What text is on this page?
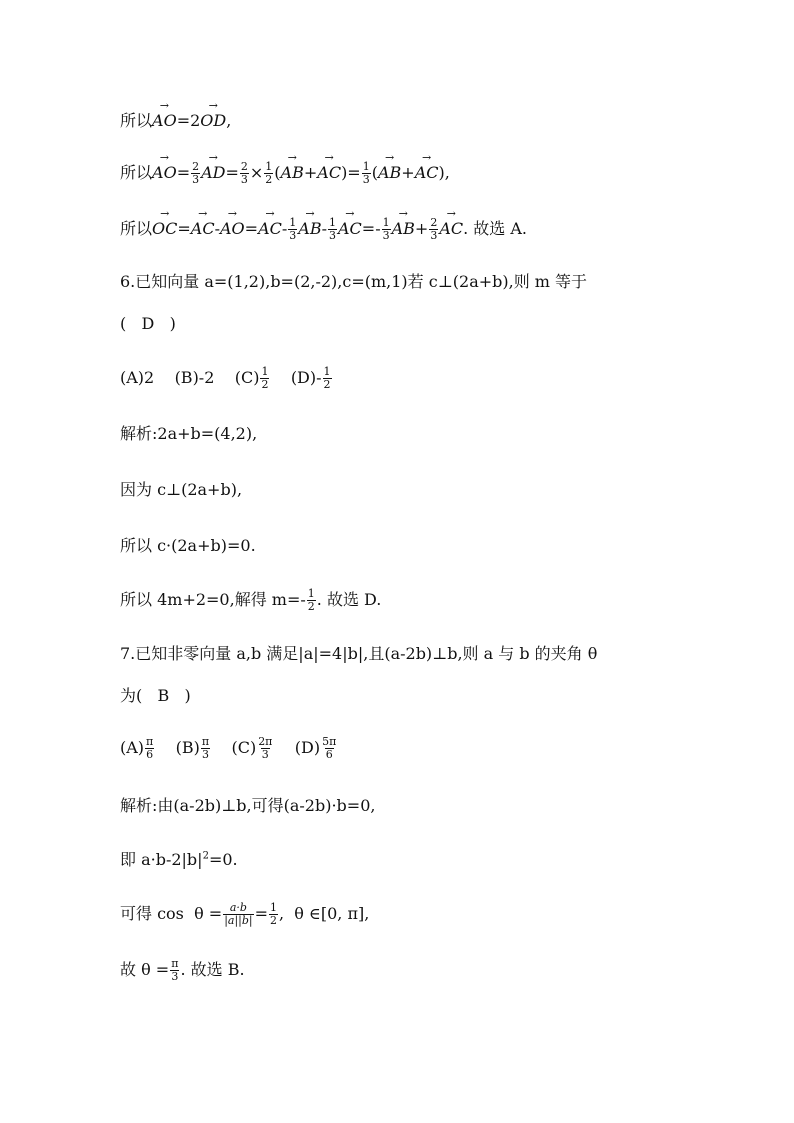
所以→ AO=2→ OD,
所以→ $AO= \frac{2}{3}$
→ $AD= \frac{2}{3} \times \frac{1}{2}$ (→ $AB+\to AC)= \frac{1}{3}$ (→ AB+→ AC),
所以→ $OC=\to AC-\to AO=\to AC- \frac{1}{3}$
→ $AB- \frac{1}{3}$
→ $AC=- \frac{1}{3}$
→ $AB+ \frac{2}{3}$
→ AC. 故选 A.
6.已知向量 a=(1,2),b=(2,-2),c=(m,1)若 c⊥(2a+b),则 m 等于
(   D   )
(A)2    (B)-2    $(C) \frac{1}{2} (D)- \frac{1}{2}$
解析:2a+b=(4,2),
因为 c⊥(2a+b),
所以 c·(2a+b)=0.
所以 4m+2=0,解得 $m=- \frac{1}{2}$ . 故选 D.
7.已知非零向量 a,b 满足|a|=4|b|,且(a-2b)⊥b,则 a 与 b 的夹角 θ
为(   B   )
$(A) \frac{\pi}{6} (B) \frac{\pi}{3} (C) \frac{2\pi}{3} (D) \frac{5\pi}{6}$
解析:由(a-2b)⊥b,可得(a-2b)·b=0,
即 $a\cdot b-2|b|^2=0$.
可得 $\cos \theta = \frac{a\cdot b}{|a||b|} = \frac{1}{2}$ ,  θ ∈[0, π],
故 $\theta = \frac{\pi}{3}$ . 故选 B.
